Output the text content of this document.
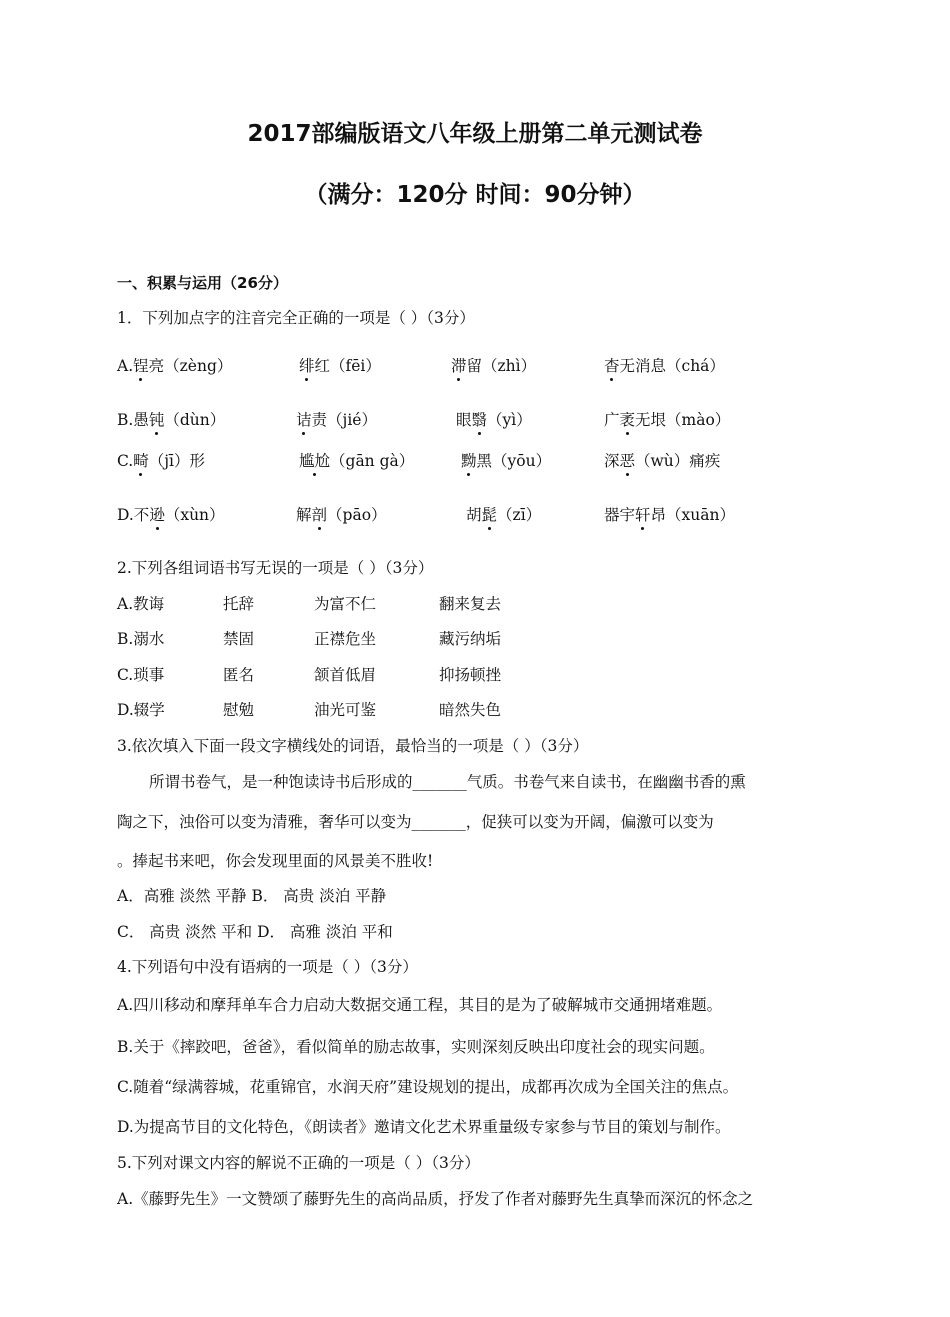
2017部编版语文八年级上册第二单元测试卷
（满分：120分 时间：90分钟）
一、积累与运用（26分）
1．下列加点字的注音完全正确的一项是（ ）（3分）
A.锃亮（zèng）	绯红（fēi）	滞留（zhì）	杳无消息（chá）
B.愚钝（dùn）	诘责（jié）	眼翳（yì）	广袤无垠（mào）
C.畸（jī）形	尴尬（gān gà）	黝黑（yōu）	深恶（wù）痛疾
D.不逊（xùn）	解剖（pāo）	胡髭（zī）	器宇轩昂（xuān）
2.下列各组词语书写无误的一项是（ ）（3分）
A.教诲	托辞	为富不仁	翻来复去
B.溺水	禁固	正襟危坐	藏污纳垢
C.琐事	匿名	颔首低眉	抑扬顿挫
D.辍学	慰勉	油光可鉴	暗然失色
3.依次填入下面一段文字横线处的词语，最恰当的一项是（ ）（3分）
所谓书卷气，是一种饱读诗书后形成的_______气质。书卷气来自读书，在幽幽书香的熏
陶之下，浊俗可以变为清雅，奢华可以变为_______，促狭可以变为开阔，偏激可以变为
。捧起书来吧，你会发现里面的风景美不胜收!
A．高雅 淡然 平静 B． 高贵 淡泊 平静
C． 高贵 淡然 平和 D． 高雅 淡泊 平和
4.下列语句中没有语病的一项是（ ）（3分）
A.四川移动和摩拜单车合力启动大数据交通工程，其目的是为了破解城市交通拥堵难题。
B.关于《摔跤吧，爸爸》，看似简单的励志故事，实则深刻反映出印度社会的现实问题。
C.随着“绿满蓉城，花重锦官，水润天府”建设规划的提出，成都再次成为全国关注的焦点。
D.为提高节目的文化特色，《朗读者》邀请文化艺术界重量级专家参与节目的策划与制作。
5.下列对课文内容的解说不正确的一项是（ ）（3分）
A.《藤野先生》一文赞颂了藤野先生的高尚品质，抒发了作者对藤野先生真挚而深沉的怀念之
